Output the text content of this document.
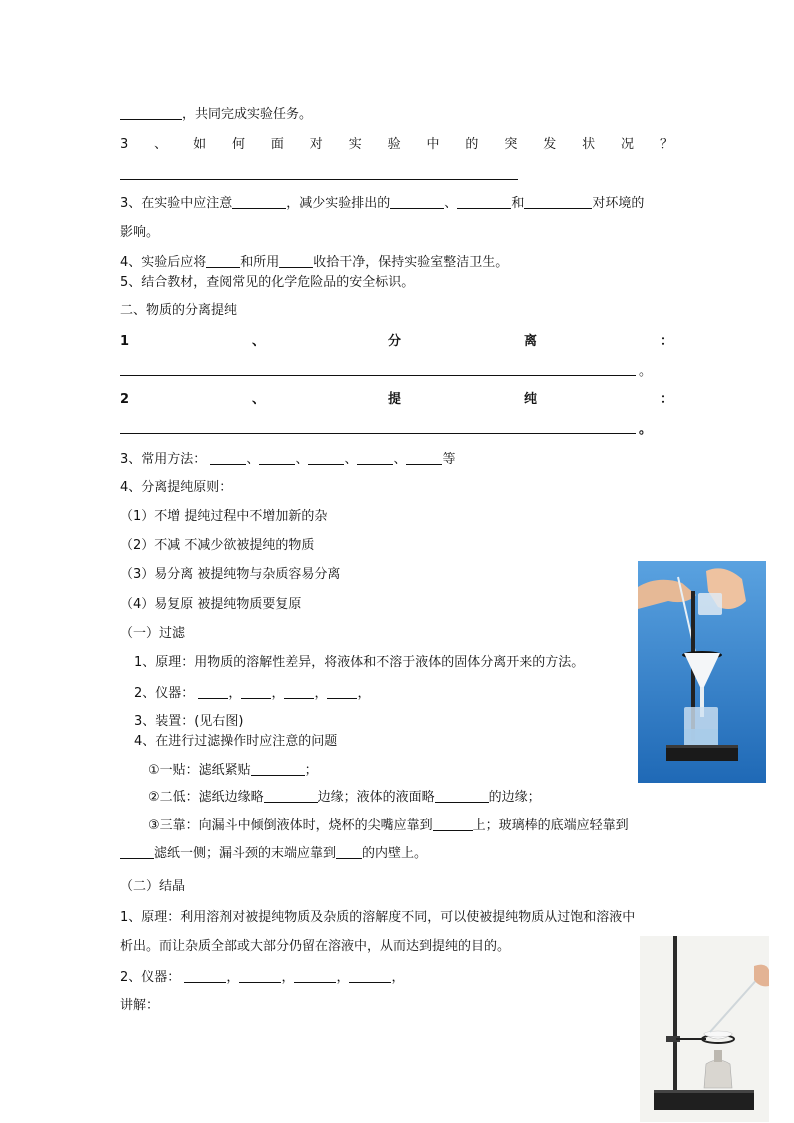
，共同完成实验任务。
3 、 如 何 面 对 实 验 中 的 突 发 状 况 ？
3、在实验中应注意	，减少实验排出的	、	和	对环境的
影响。
4、实验后应将	和所用	收拾干净，保持实验室整洁卫生。
5、结合教材，查阅常见的化学危险品的安全标识。
二、物质的分离提纯
1	、	分	离	：
。
2	、	提	纯	：
。
3、常用方法：	、	、	、	、	等
4、分离提纯原则：
（1）不增 提纯过程中不增加新的杂
（2）不减 不减少欲被提纯的物质
（3）易分离 被提纯物与杂质容易分离
（4）易复原 被提纯物质要复原
（一）过滤
1、原理：用物质的溶解性差异，将液体和不溶于液体的固体分离开来的方法。
2、仪器：	， ， ， ，
3、装置：(见右图)
4、在进行过滤操作时应注意的问题
①一贴：滤纸紧贴	；
②二低：滤纸边缘略	边缘；液体的液面略	的边缘；
③三靠：向漏斗中倾倒液体时，烧杯的尖嘴应靠到	上；玻璃棒的底端应轻靠到
滤纸一侧；漏斗颈的末端应靠到 的内壁上。
（二）结晶
1、原理：利用溶剂对被提纯物质及杂质的溶解度不同，可以使被提纯物质从过饱和溶液中
析出。而让杂质全部或大部分仍留在溶液中，从而达到提纯的目的。
2、仪器：	，	，	，	，
讲解：
